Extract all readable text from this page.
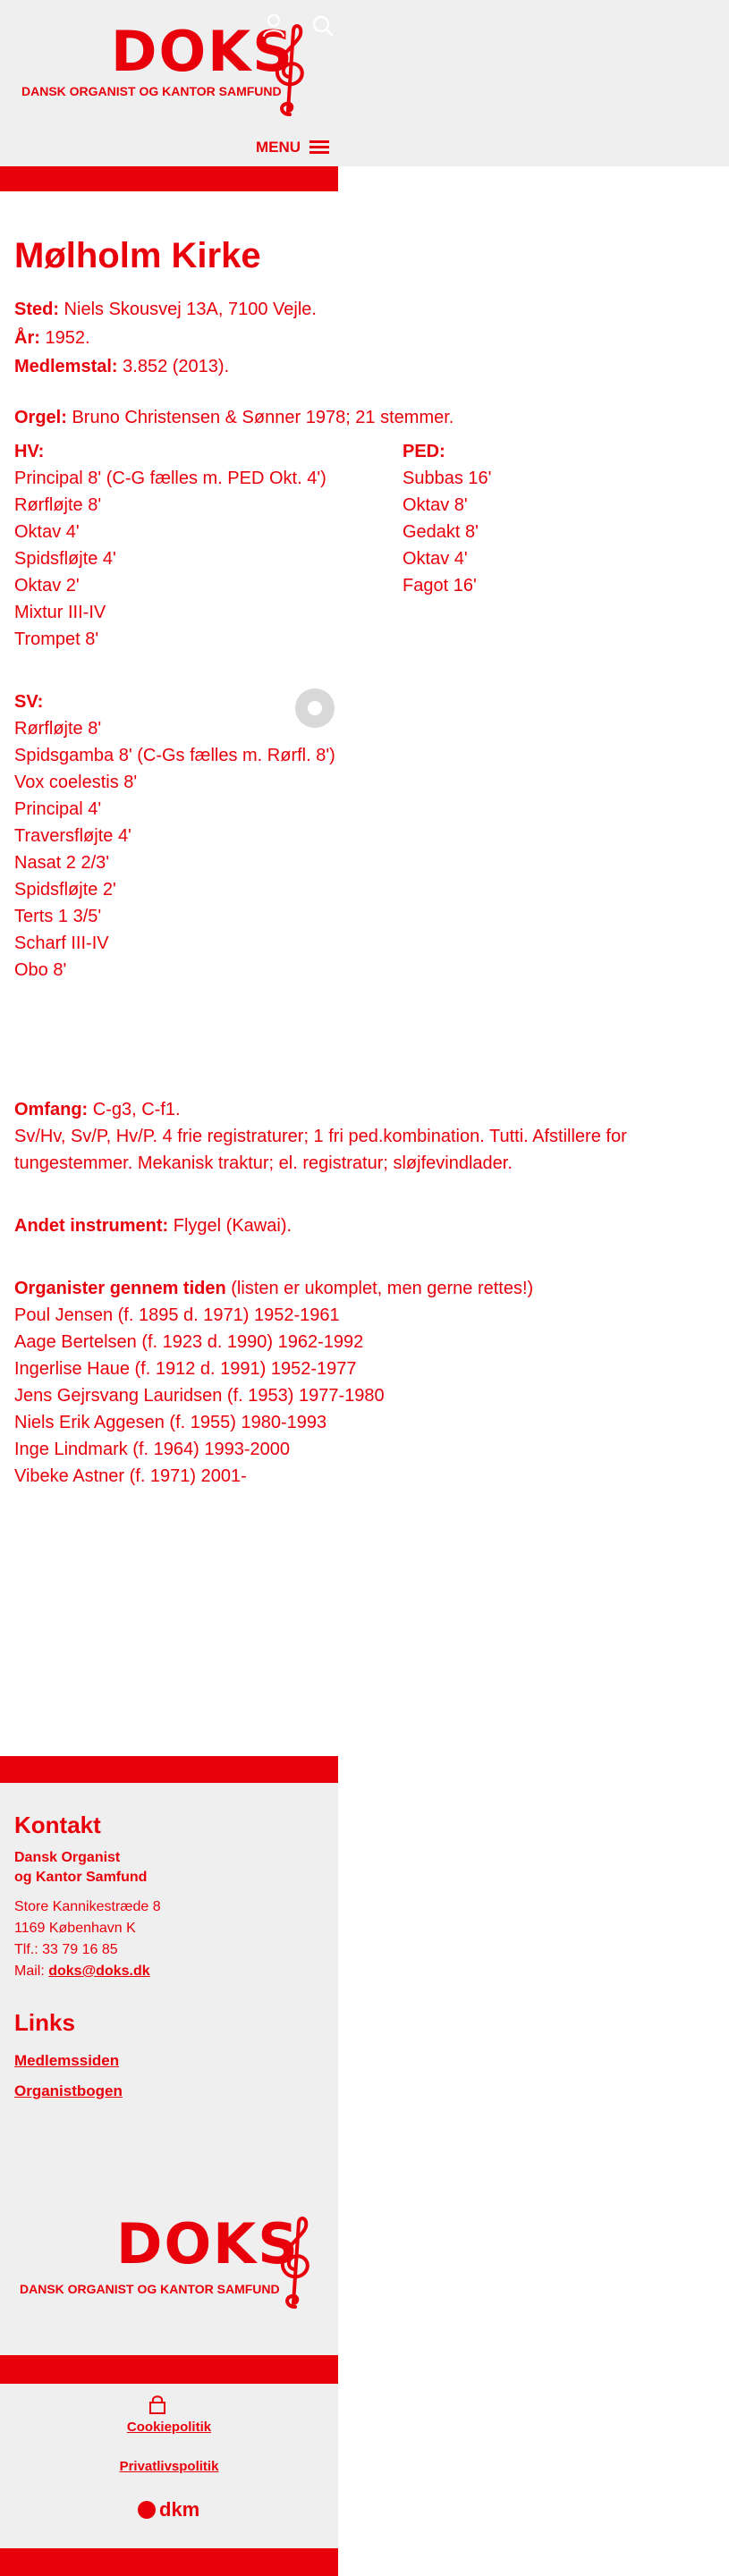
DOKS
DANSK ORGANIST OG KANTOR SAMFUND
MENU
Mølholm Kirke

Sted: Niels Skousvej 13A, 7100 Vejle.

År: 1952.

Medlemstal: 3.852 (2013).

Orgel: Bruno Christensen & Sønner 1978; 21 stemmer.
HV:

Principal 8' (C-G fælles m. PED Okt. 4')

Rørfløjte 8'

Oktav 4'

Spidsfløjte 4'

Oktav 2'

Mixtur III-IV

Trompet 8'

SV:

Rørfløjte 8'

Spidsgamba 8' (C-Gs fælles m. Rørfl. 8')

Vox coelestis 8'

Principal 4'

Traversfløjte 4'

Nasat 2 2/3'

Spidsfløjte 2'

Terts 1 3/5'

Scharf III-IV

Obo 8'

PED:

Subbas 16'

Oktav 8'

Gedakt 8'

Oktav 4'

Fagot 16'

Omfang: C-g3, C-f1.

Sv/Hv, Sv/P, Hv/P. 4 frie registraturer; 1 fri ped.kombination. Tutti. Afstillere for tungestemmer. Mekanisk traktur; el. registratur; sløjfevindlader.

Andet instrument: Flygel (Kawai).

Organister gennem tiden (listen er ukomplet, men gerne rettes!)

Poul Jensen (f. 1895 d. 1971) 1952-1961

Aage Bertelsen (f. 1923 d. 1990) 1962-1992

Ingerlise Haue (f. 1912 d. 1991) 1952-1977

Jens Gejrsvang Lauridsen (f. 1953) 1977-1980

Niels Erik Aggesen (f. 1955) 1980-1993

Inge Lindmark (f. 1964) 1993-2000

Vibeke Astner (f. 1971) 2001-

Kontakt
Dansk Organist
og Kantor Samfund
Store Kannikestræde 8
1169 København K
Tlf.: 33 79 16 85
Mail: doks@doks.dk
Links
Medlemssiden
Organistbogen
DOKS
DANSK ORGANIST OG KANTOR SAMFUND
Cookiepolitik
Privatlivspolitik
dkm
